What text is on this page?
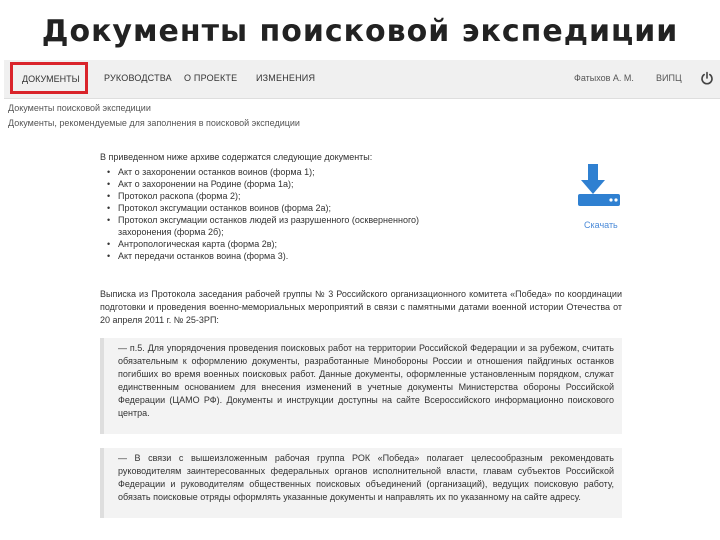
Документы поисковой экспедиции
ДОКУМЕНТЫ	РУКОВОДСТВА О ПРОЕКТЕ ИЗМЕНЕНИЯ	Фатыхов А. М. ВИПЦ
Документы поисковой экспедиции
Документы, рекомендуемые для заполнения в поисковой экспедиции
В приведенном ниже архиве содержатся следующие документы:
• Акт о захоронении останков воинов (форма 1);
• Акт о захоронении на Родине (форма 1а);
• Протокол раскопа (форма 2);
• Протокол эксгумации останков воинов (форма 2а);
• Протокол эксгумации останков людей из разрушенного (оскверненного) захоронения (форма 2б);
• Антропологическая карта (форма 2в);
• Акт передачи останков воина (форма 3).
Скачать
Выписка из Протокола заседания рабочей группы № 3 Российского организационного комитета «Победа» по координации подготовки и проведения военно-мемориальных мероприятий в связи с памятными датами военной истории Отечества от 20 апреля 2011 г. № 25-3РП:
— п.5. Для упорядочения проведения поисковых работ на территории Российской Федерации и за рубежом, считать обязательным к оформлению документы, разработанные Минобороны России и отношения пайдгиных останков погибших во время военных поисковых работ. Данные документы, оформленные установленным порядком, служат единственным основанием для внесения изменений в учетные документы Министерства обороны Российской Федерации (ЦАМО РФ). Документы и инструкции доступны на сайте Всероссийского информационно поискового центра.
— В связи с вышеизложенным рабочая группа РОК «Победа» полагает целесообразным рекомендовать руководителям заинтересованных федеральных органов исполнительной власти, главам субъектов Российской Федерации и руководителям общественных поисковых объединений (организаций), ведущих поисковую работу, обязать поисковые отряды оформлять указанные документы и направлять их по указанному на сайте адресу.
